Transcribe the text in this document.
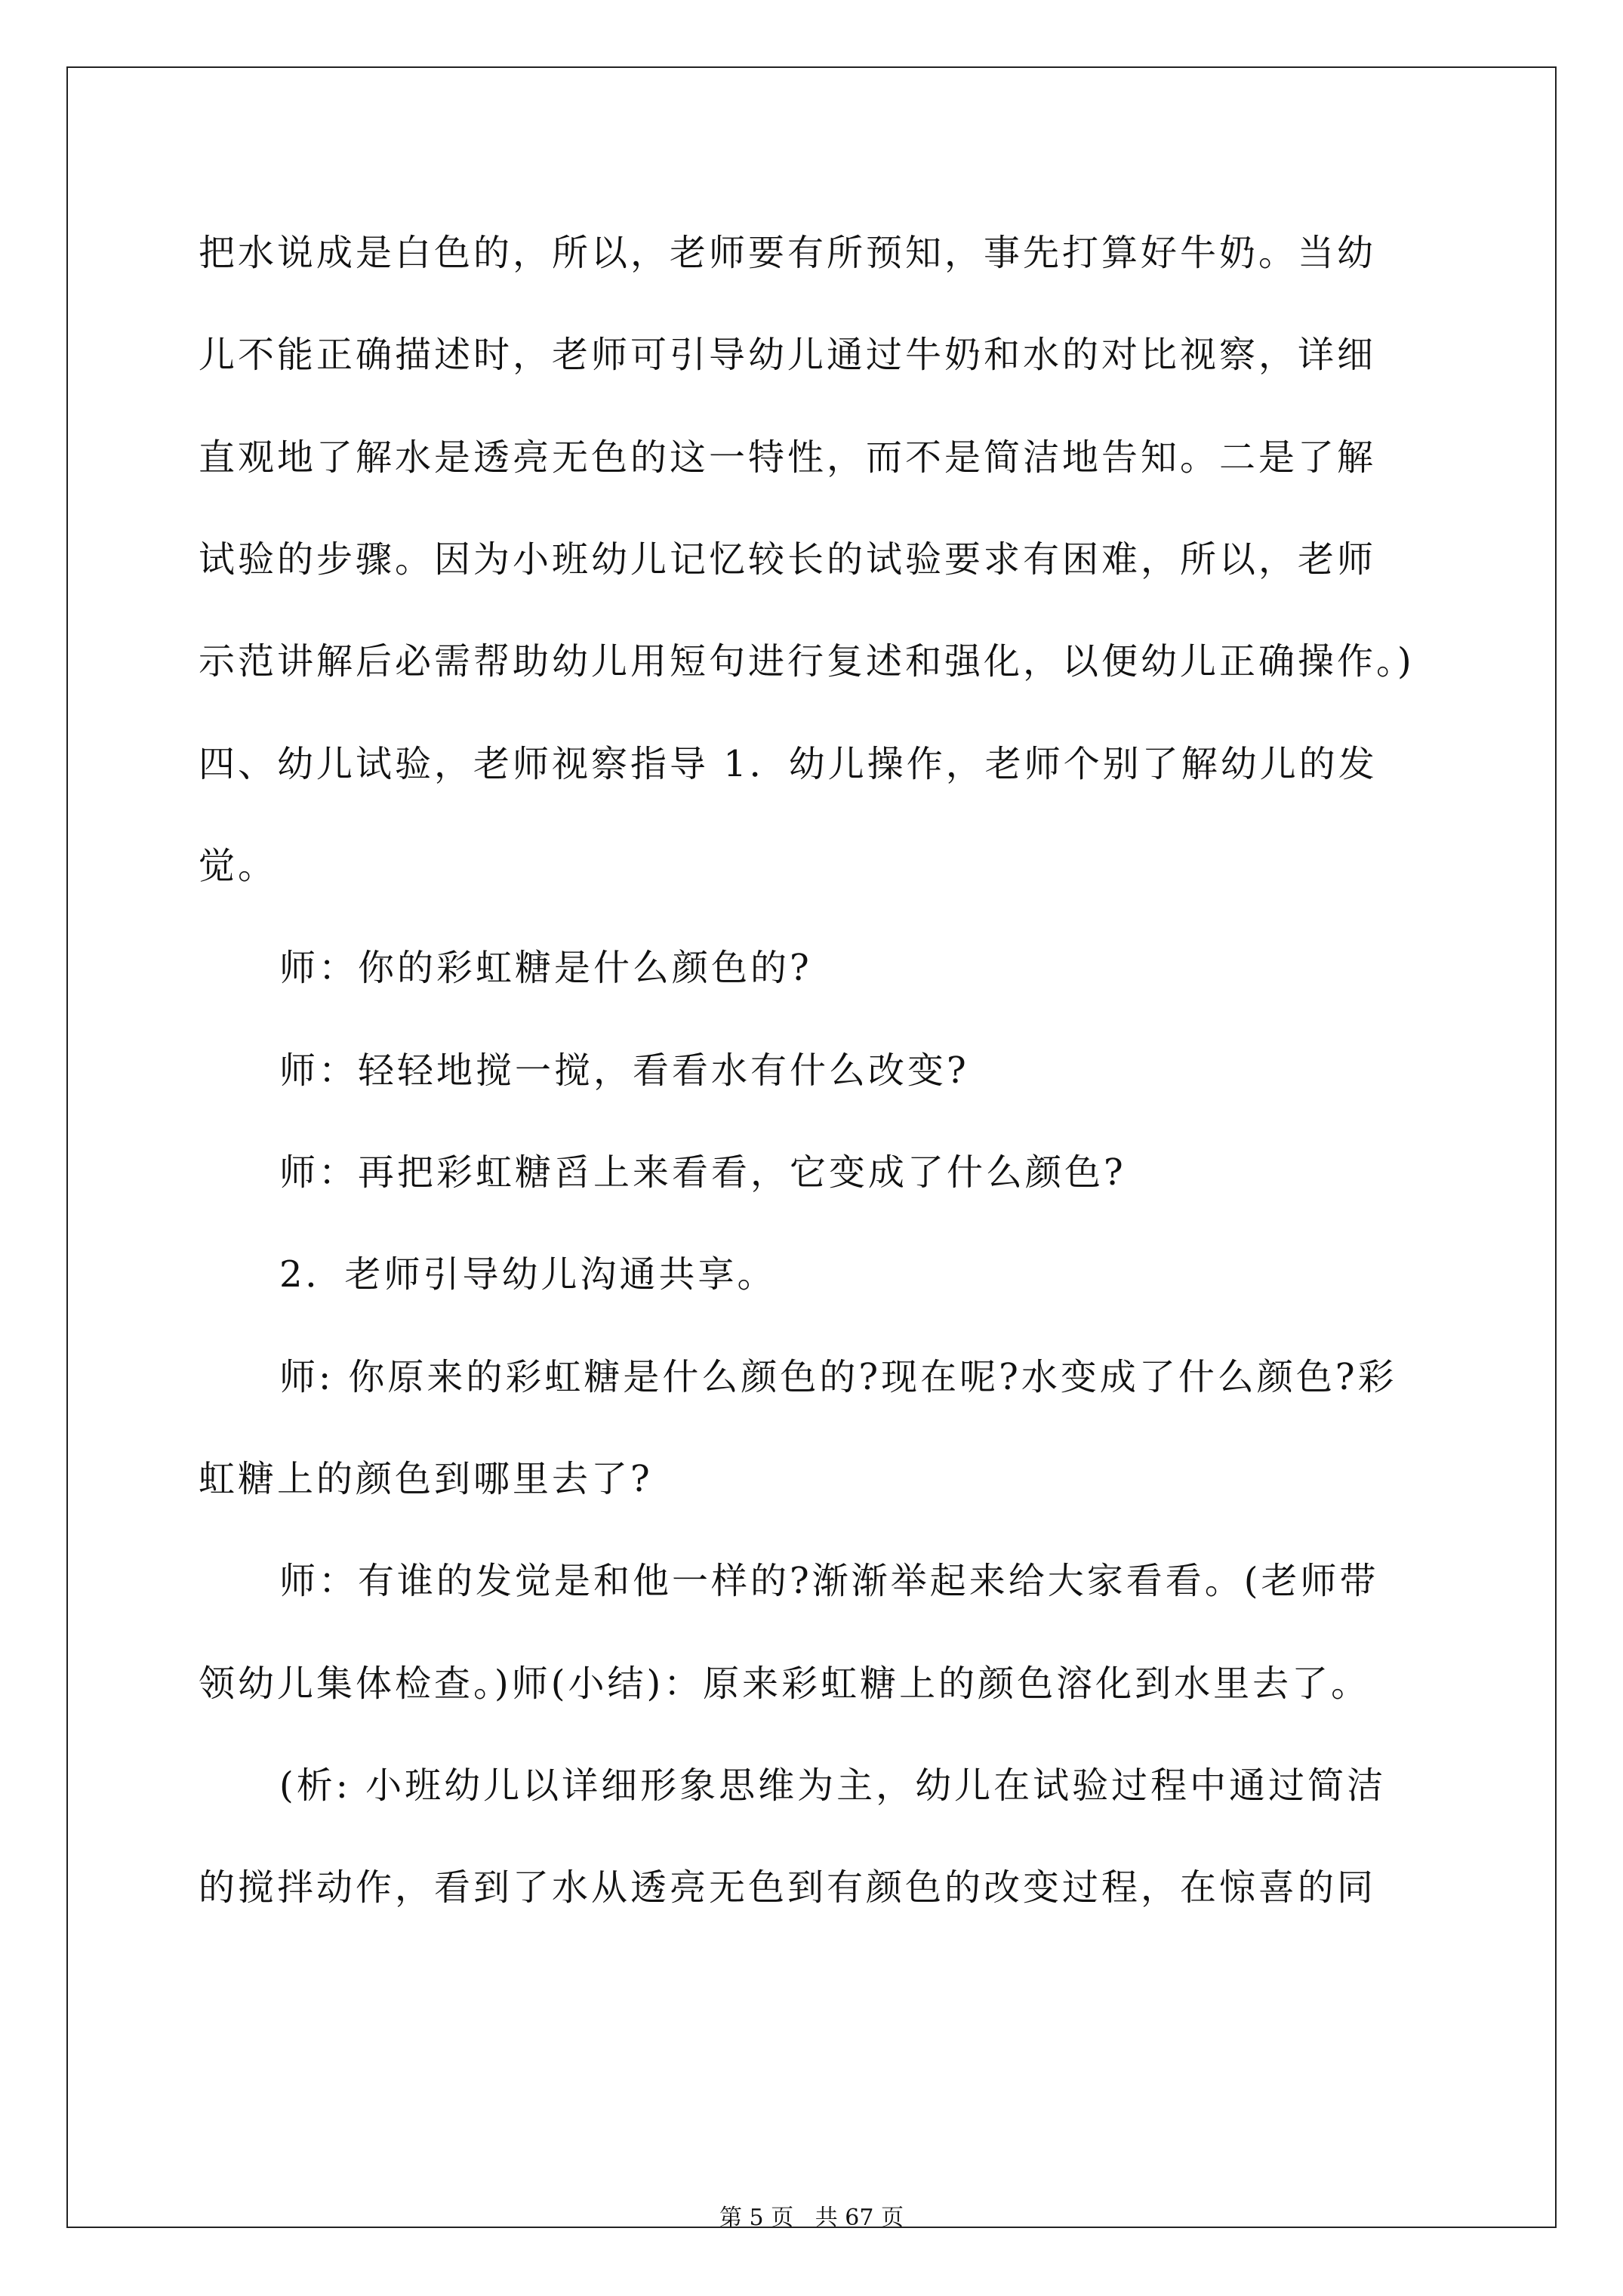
把水说成是白色的，所以，老师要有所预知，事先打算好牛奶。当幼
儿不能正确描述时，老师可引导幼儿通过牛奶和水的对比视察，详细
直观地了解水是透亮无色的这一特性，而不是简洁地告知。二是了解
试验的步骤。因为小班幼儿记忆较长的试验要求有困难，所以，老师
示范讲解后必需帮助幼儿用短句进行复述和强化，以便幼儿正确操作。)
四、幼儿试验，老师视察指导 1．幼儿操作，老师个别了解幼儿的发
觉。
师：你的彩虹糖是什么颜色的?
师：轻轻地搅一搅，看看水有什么改变?
师：再把彩虹糖舀上来看看，它变成了什么颜色?
2．老师引导幼儿沟通共享。
师: 你原来的彩虹糖是什么颜色的?现在呢?水变成了什么颜色?彩
虹糖上的颜色到哪里去了?
师：有谁的发觉是和他一样的?渐渐举起来给大家看看。(老师带
领幼儿集体检查。)师(小结)：原来彩虹糖上的颜色溶化到水里去了。
(析: 小班幼儿以详细形象思维为主，幼儿在试验过程中通过简洁
的搅拌动作，看到了水从透亮无色到有颜色的改变过程，在惊喜的同
第 5 页   共 67 页
